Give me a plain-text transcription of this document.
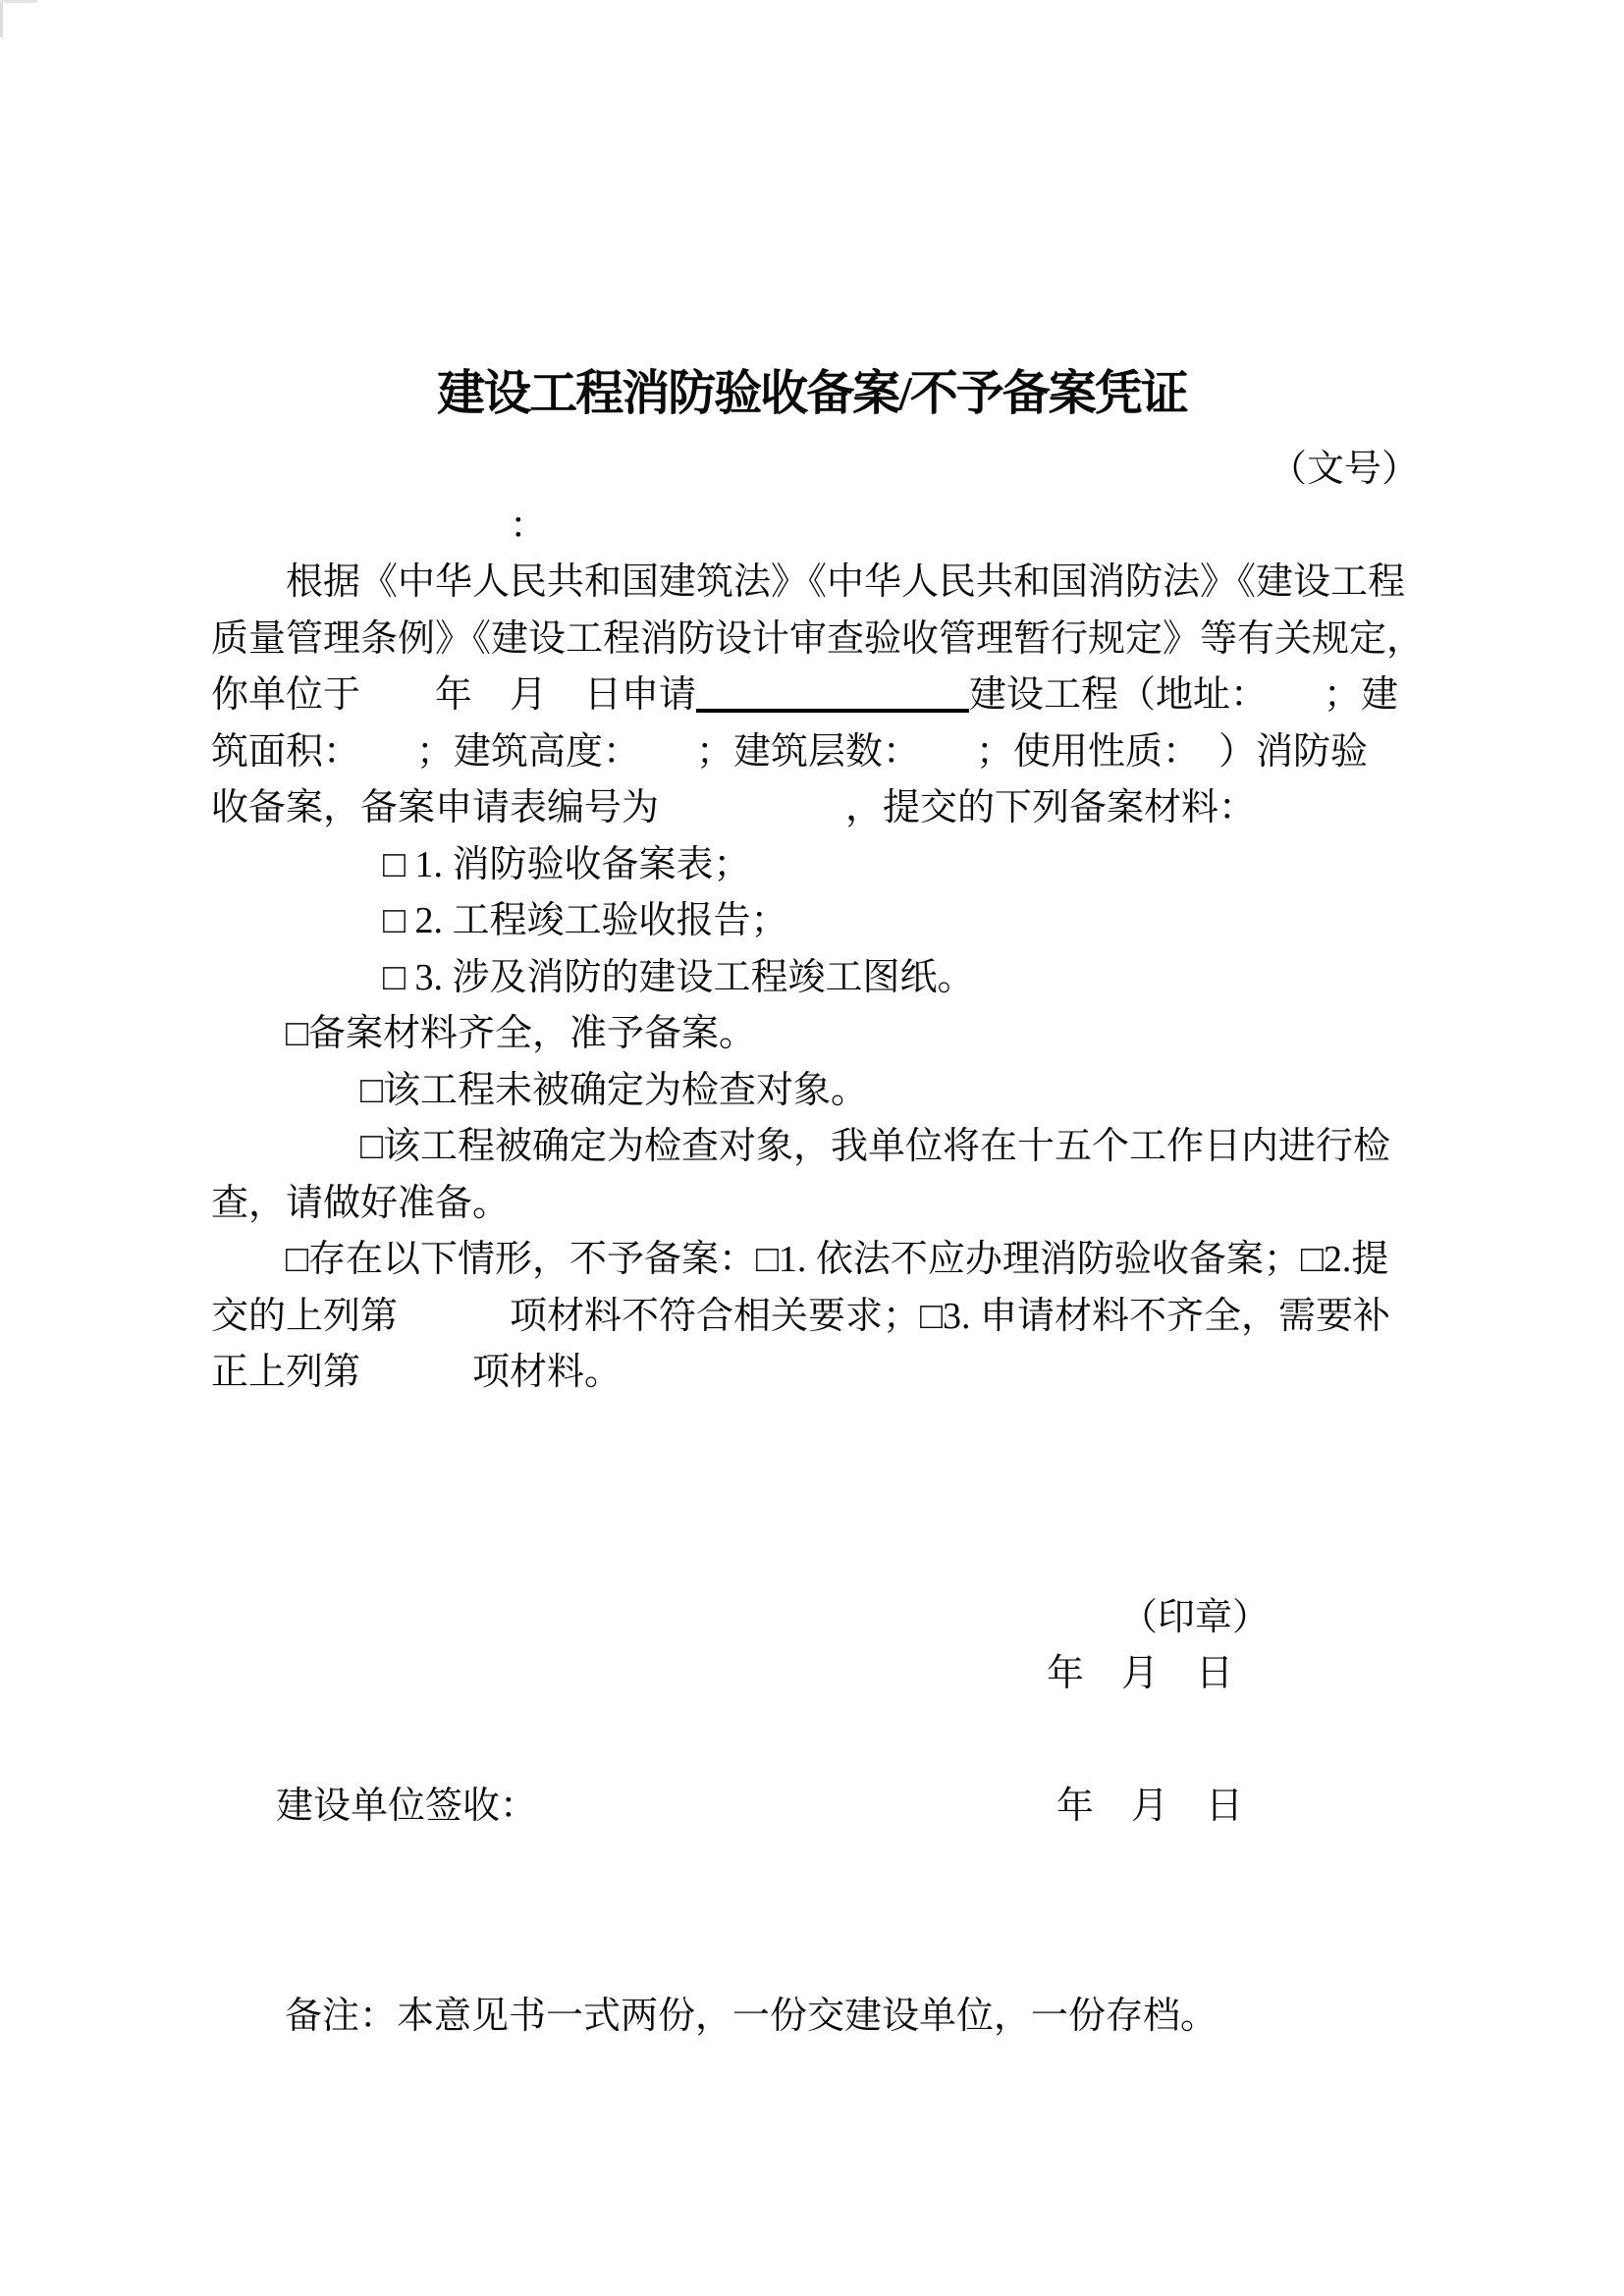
建设工程消防验收备案/不予备案凭证
（文号）
　　　　　　　　：
根据《中华人民共和国建筑法》《中华人民共和国消防法》《建设工程
质量管理条例》《建设工程消防设计审查验收管理暂行规定》等有关规定，
你单位于　　年　月　日申请	建设工程（地址：　　；建
筑面积：　　；建筑高度：　　；建筑层数：　　；使用性质：　）消防验
收备案，备案申请表编号为　　　　　，提交的下列备案材料：
□ 1. 消防验收备案表；
□ 2. 工程竣工验收报告；
□ 3. 涉及消防的建设工程竣工图纸。
□备案材料齐全，准予备案。
□该工程未被确定为检查对象。
□该工程被确定为检查对象，我单位将在十五个工作日内进行检
查，请做好准备。
□存在以下情形，不予备案：□1. 依法不应办理消防验收备案；□2.提
交的上列第　　　项材料不符合相关要求；□3. 申请材料不齐全，需要补
正上列第　　　项材料。
（印章）
年　月　日
建设单位签收：	年　月　日
备注：本意见书一式两份，一份交建设单位，一份存档。
